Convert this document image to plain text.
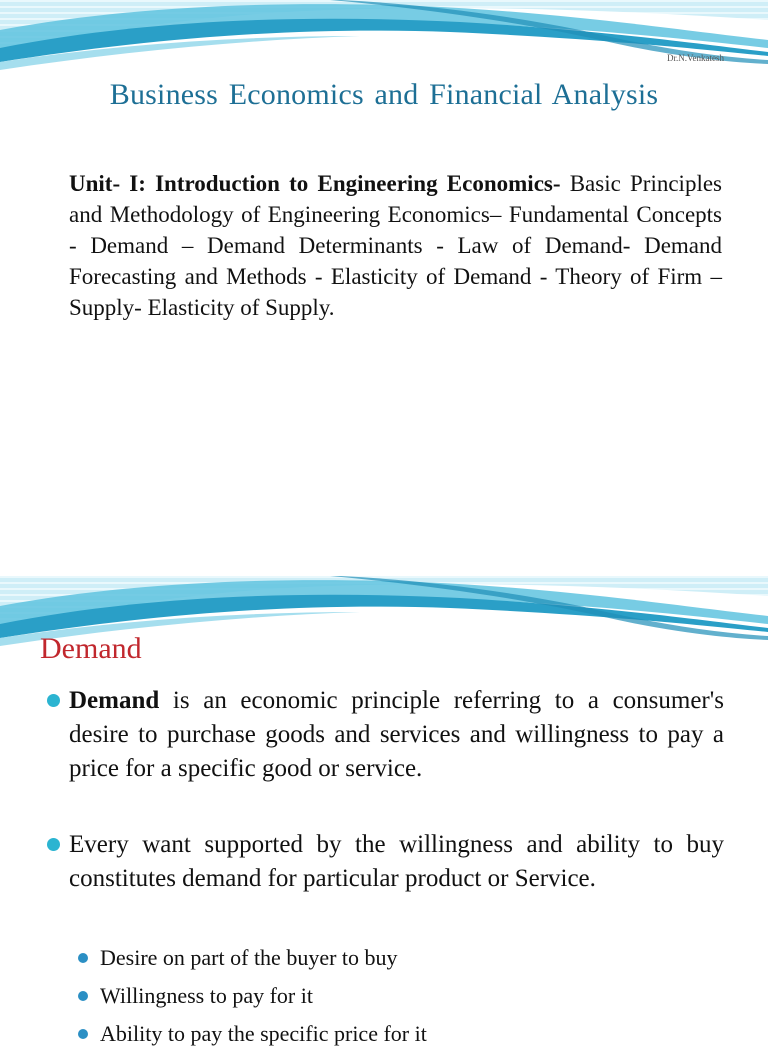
Dr.N.Venkatesh
Business Economics and Financial Analysis
Unit- I: Introduction to Engineering Economics- Basic Principles and Methodology of Engineering Economics– Fundamental Concepts - Demand – Demand Determinants - Law of Demand- Demand Forecasting and Methods - Elasticity of Demand - Theory of Firm – Supply- Elasticity of Supply.
Demand
Demand is an economic principle referring to a consumer's desire to purchase goods and services and willingness to pay a price for a specific good or service.
Every want supported by the willingness and ability to buy constitutes demand for particular product or Service.
Desire on part of the buyer to buy
Willingness to pay for it
Ability to pay the specific price for it
